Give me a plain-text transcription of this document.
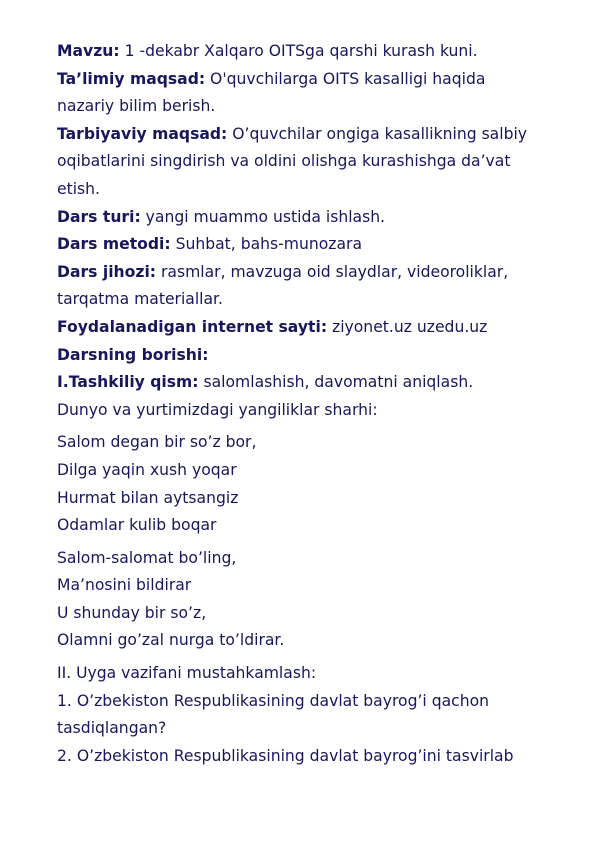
Mavzu: 1 -dekabr Xalqaro OITSga qarshi kurash kuni.
Ta’limiy maqsad: O'quvchilarga OITS kasalligi haqida nazariy bilim berish.
Tarbiyaviy maqsad: O’quvchilar ongiga kasallikning salbiy oqibatlarini singdirish va oldini olishga kurashishga da’vat etish.
Dars turi: yangi muammo ustida ishlash.
Dars metodi: Suhbat, bahs-munozara
Dars jihozi: rasmlar, mavzuga oid slaydlar, videoroliklar, tarqatma materiallar.
Foydalanadigan internet sayti: ziyonet.uz uzedu.uz
Darsning borishi:
I.Tashkiliy qism: salomlashish, davomatni aniqlash.
Dunyo va yurtimizdagi yangiliklar sharhi:
Salom degan bir so’z bor,
Dilga yaqin xush yoqar
Hurmat bilan aytsangiz
Odamlar kulib boqar
Salom-salomat bo’ling,
Ma’nosini bildirar
U shunday bir so’z,
Olamni go’zal nurga to’ldirar.
II. Uyga vazifani mustahkamlash:
1. O’zbekiston Respublikasining davlat bayrog’i qachon tasdiqlangan?
2. O’zbekiston Respublikasining davlat bayrog’ini tasvirlab
